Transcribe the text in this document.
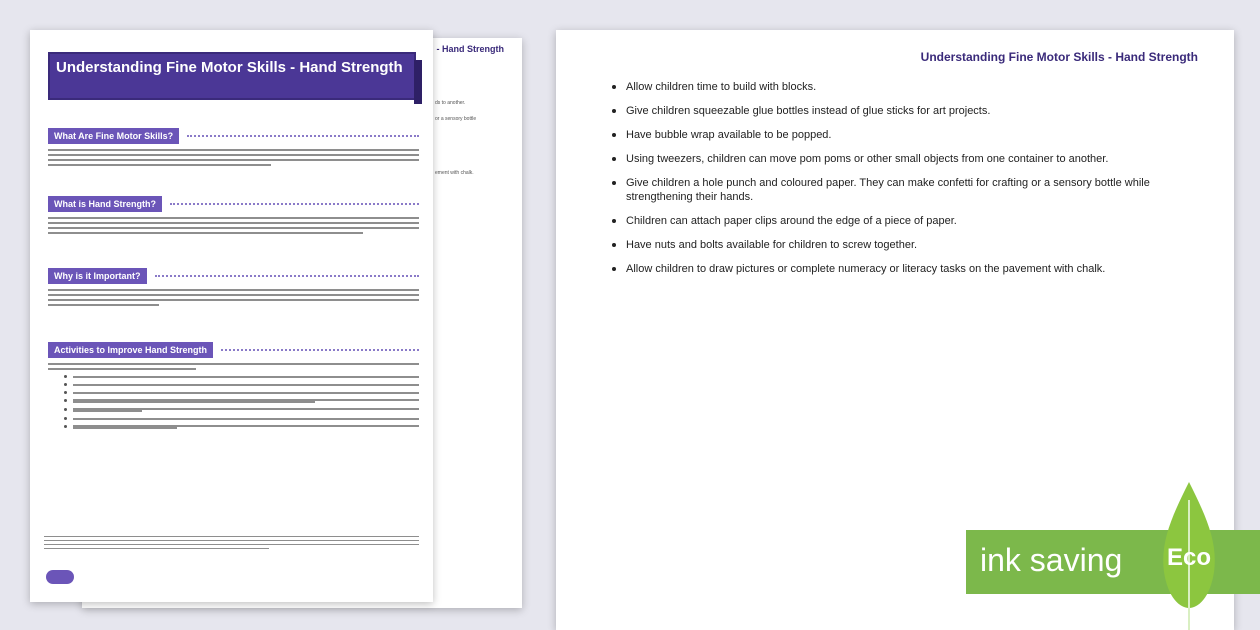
- Hand Strength
ds to another.
or a sensory bottle
ement with chalk.
Understanding Fine Motor Skills - Hand Strength
What Are Fine Motor Skills?
What is Hand Strength?
Why is it Important?
Activities to Improve Hand Strength
Understanding Fine Motor Skills - Hand Strength
Allow children time to build with blocks.
Give children squeezable glue bottles instead of glue sticks for art projects.
Have bubble wrap available to be popped.
Using tweezers, children can move pom poms or other small objects from one container to another.
Give children a hole punch and coloured paper. They can make confetti for crafting or a sensory bottle while strengthening their hands.
Children can attach paper clips around the edge of a piece of paper.
Have nuts and bolts available for children to screw together.
Allow children to draw pictures or complete numeracy or literacy tasks on the pavement with chalk.
ink saving	Eco
